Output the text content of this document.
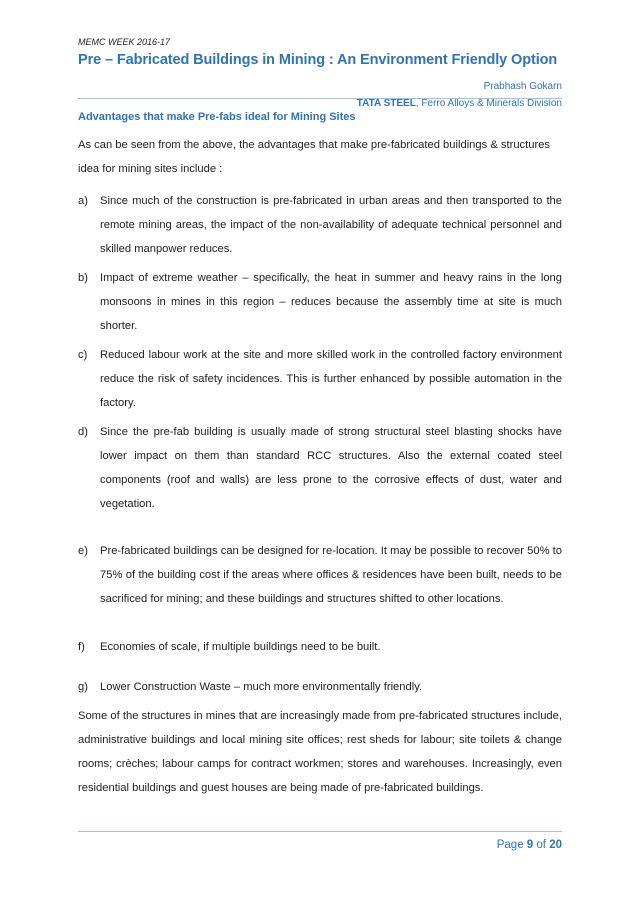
MEMC WEEK 2016-17
Pre – Fabricated Buildings in Mining : An Environment Friendly Option
Prabhash Gokarn
TATA STEEL, Ferro Alloys & Minerals Division

Advantages that make Pre-fabs ideal for Mining Sites

As can be seen from the above, the advantages that make pre-fabricated buildings & structures idea for mining sites include :

a) Since much of the construction is pre-fabricated in urban areas and then transported to the remote mining areas, the impact of the non-availability of adequate technical personnel and skilled manpower reduces.
b) Impact of extreme weather – specifically, the heat in summer and heavy rains in the long monsoons in mines in this region – reduces because the assembly time at site is much shorter.
c) Reduced labour work at the site and more skilled work in the controlled factory environment reduce the risk of safety incidences. This is further enhanced by possible automation in the factory.
d) Since the pre-fab building is usually made of strong structural steel blasting shocks have lower impact on them than standard RCC structures. Also the external coated steel components (roof and walls) are less prone to the corrosive effects of dust, water and vegetation.
e) Pre-fabricated buildings can be designed for re-location. It may be possible to recover 50% to 75% of the building cost if the areas where offices & residences have been built, needs to be sacrificed for mining; and these buildings and structures shifted to other locations.
f) Economies of scale, if multiple buildings need to be built.
g) Lower Construction Waste – much more environmentally friendly.

Some of the structures in mines that are increasingly made from pre-fabricated structures include, administrative buildings and local mining site offices; rest sheds for labour; site toilets & change rooms; crèches; labour camps for contract workmen; stores and warehouses. Increasingly, even residential buildings and guest houses are being made of pre-fabricated buildings.

Page 9 of 20
